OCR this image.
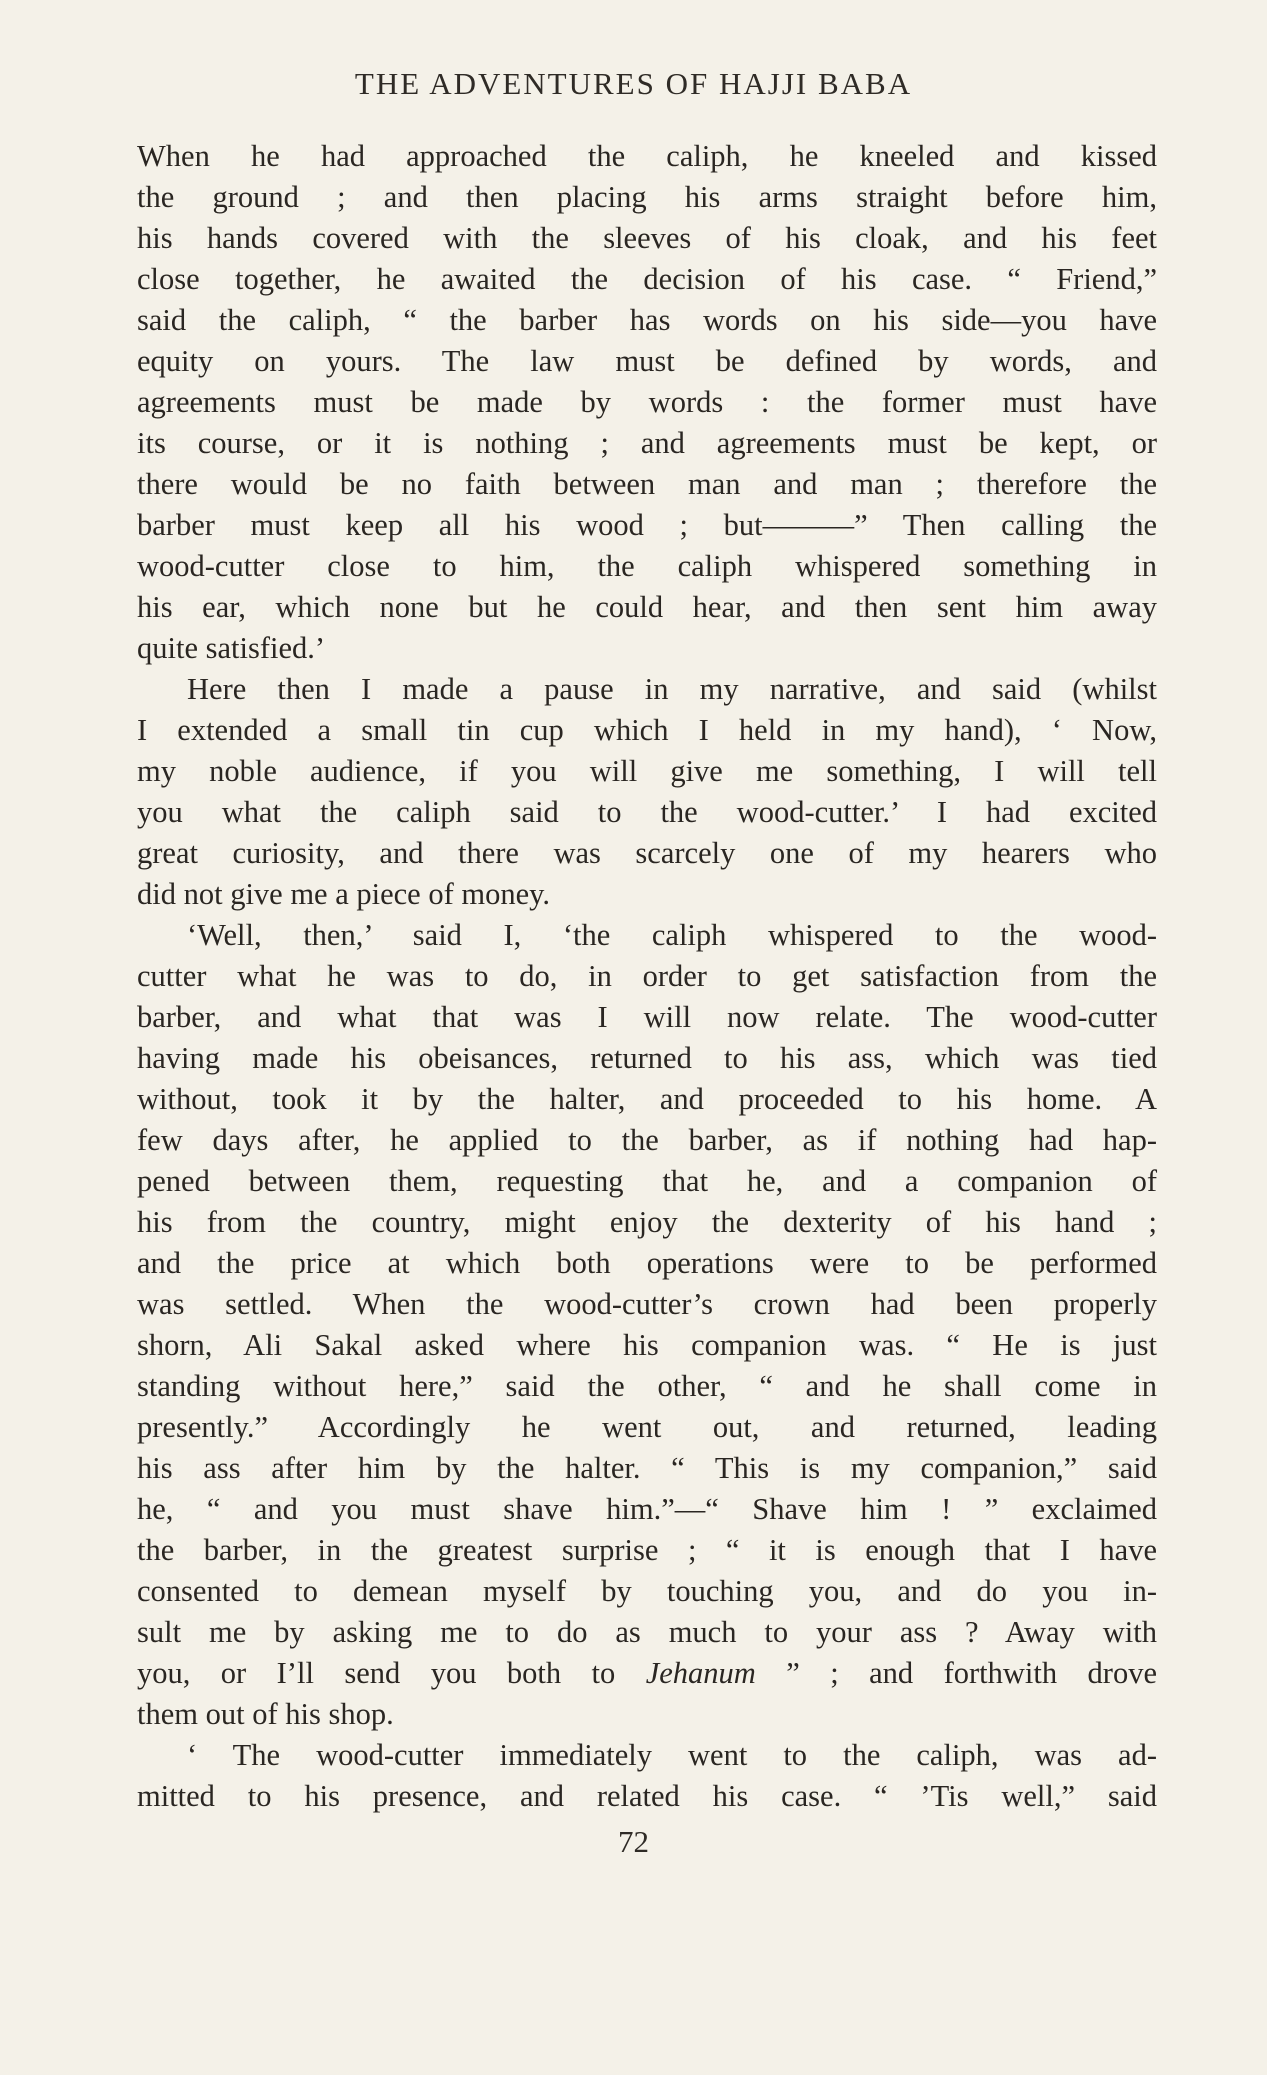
THE ADVENTURES OF HAJJI BABA
When he had approached the caliph, he kneeled and kissed
the ground ; and then placing his arms straight before him,
his hands covered with the sleeves of his cloak, and his feet
close together, he awaited the decision of his case. “ Friend,”
said the caliph, “ the barber has words on his side—you have
equity on yours. The law must be defined by words, and
agreements must be made by words : the former must have
its course, or it is nothing ; and agreements must be kept, or
there would be no faith between man and man ; therefore the
barber must keep all his wood ; but———” Then calling the
wood-cutter close to him, the caliph whispered something in
his ear, which none but he could hear, and then sent him away
quite satisfied.’
Here then I made a pause in my narrative, and said (whilst
I extended a small tin cup which I held in my hand), ‘ Now,
my noble audience, if you will give me something, I will tell
you what the caliph said to the wood-cutter.’ I had excited
great curiosity, and there was scarcely one of my hearers who
did not give me a piece of money.
‘Well, then,’ said I, ‘the caliph whispered to the wood-
cutter what he was to do, in order to get satisfaction from the
barber, and what that was I will now relate. The wood-cutter
having made his obeisances, returned to his ass, which was tied
without, took it by the halter, and proceeded to his home. A
few days after, he applied to the barber, as if nothing had hap-
pened between them, requesting that he, and a companion of
his from the country, might enjoy the dexterity of his hand ;
and the price at which both operations were to be performed
was settled. When the wood-cutter’s crown had been properly
shorn, Ali Sakal asked where his companion was. “ He is just
standing without here,” said the other, “ and he shall come in
presently.” Accordingly he went out, and returned, leading
his ass after him by the halter. “ This is my companion,” said
he, “ and you must shave him.”—“ Shave him ! ” exclaimed
the barber, in the greatest surprise ; “ it is enough that I have
consented to demean myself by touching you, and do you in-
sult me by asking me to do as much to your ass ? Away with
you, or I’ll send you both to Jehanum ” ; and forthwith drove
them out of his shop.
‘ The wood-cutter immediately went to the caliph, was ad-
mitted to his presence, and related his case. “ ’Tis well,” said
72
